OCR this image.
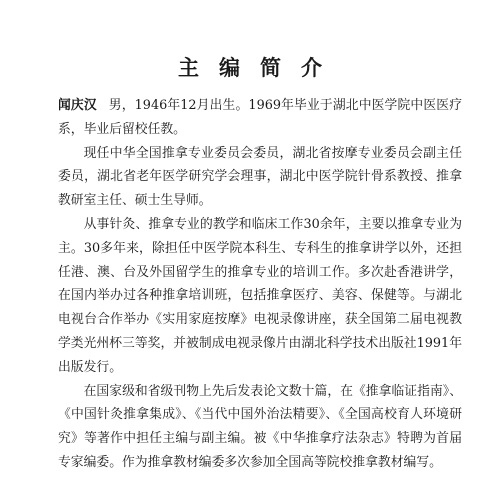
主编简介

闻庆汉 男，1946年12月出生。1969年毕业于湖北中医学院中医医疗系，毕业后留校任教。

现任中华全国推拿专业委员会委员，湖北省按摩专业委员会副主任委员，湖北省老年医学研究学会理事，湖北中医学院针骨系教授、推拿教研室主任、硕士生导师。

从事针灸、推拿专业的教学和临床工作30余年，主要以推拿专业为主。30多年来，除担任中医学院本科生、专科生的推拿讲学以外，还担任港、澳、台及外国留学生的推拿专业的培训工作。多次赴香港讲学，在国内举办过各种推拿培训班，包括推拿医疗、美容、保健等。与湖北电视台合作举办《实用家庭按摩》电视录像讲座，获全国第二届电视教学类光州杯三等奖，并被制成电视录像片由湖北科学技术出版社1991年出版发行。

在国家级和省级刊物上先后发表论文数十篇，在《推拿临证指南》、《中国针灸推拿集成》、《当代中国外治法精要》、《全国高校育人环境研究》等著作中担任主编与副主编。被《中华推拿疗法杂志》特聘为首届专家编委。作为推拿教材编委多次参加全国高等院校推拿教材编写。
